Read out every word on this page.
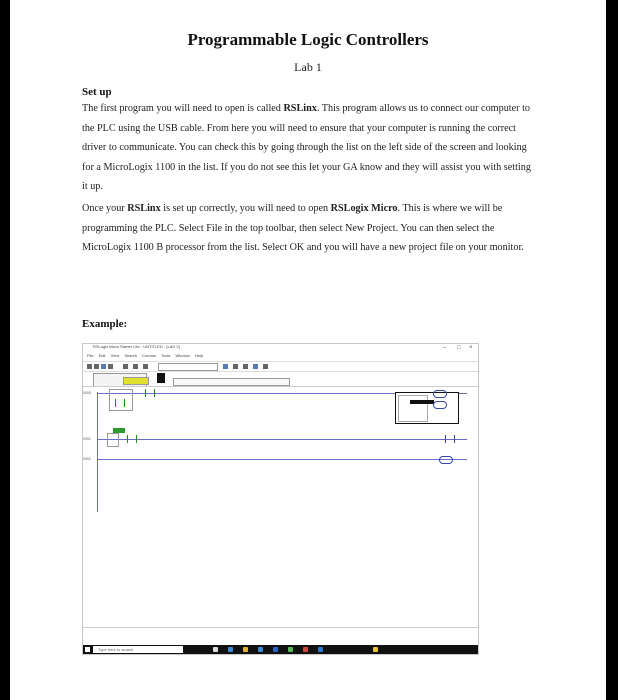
Programmable Logic Controllers
Lab 1
Set up
The first program you will need to open is called RSLinx. This program allows us to connect our computer to the PLC using the USB cable. From here you will need to ensure that your computer is running the correct driver to communicate. You can check this by going through the list on the left side of the screen and looking for a MicroLogix 1100 in the list. If you do not see this let your GA know and they will assist you with setting it up.
Once your RSLinx is set up correctly, you will need to open RSLogix Micro. This is where we will be programming the PLC. Select File in the top toolbar, then select New Project. You can then select the MicroLogix 1100 B processor from the list. Select OK and you will have a new project file on your monitor.
Example:
RSLogix Micro Starter Lite - UNTITLED - [LAD 2]	– □ ×
File Edit View Search Comms Tools Window Help
0000
0001
0002
Type here to search
